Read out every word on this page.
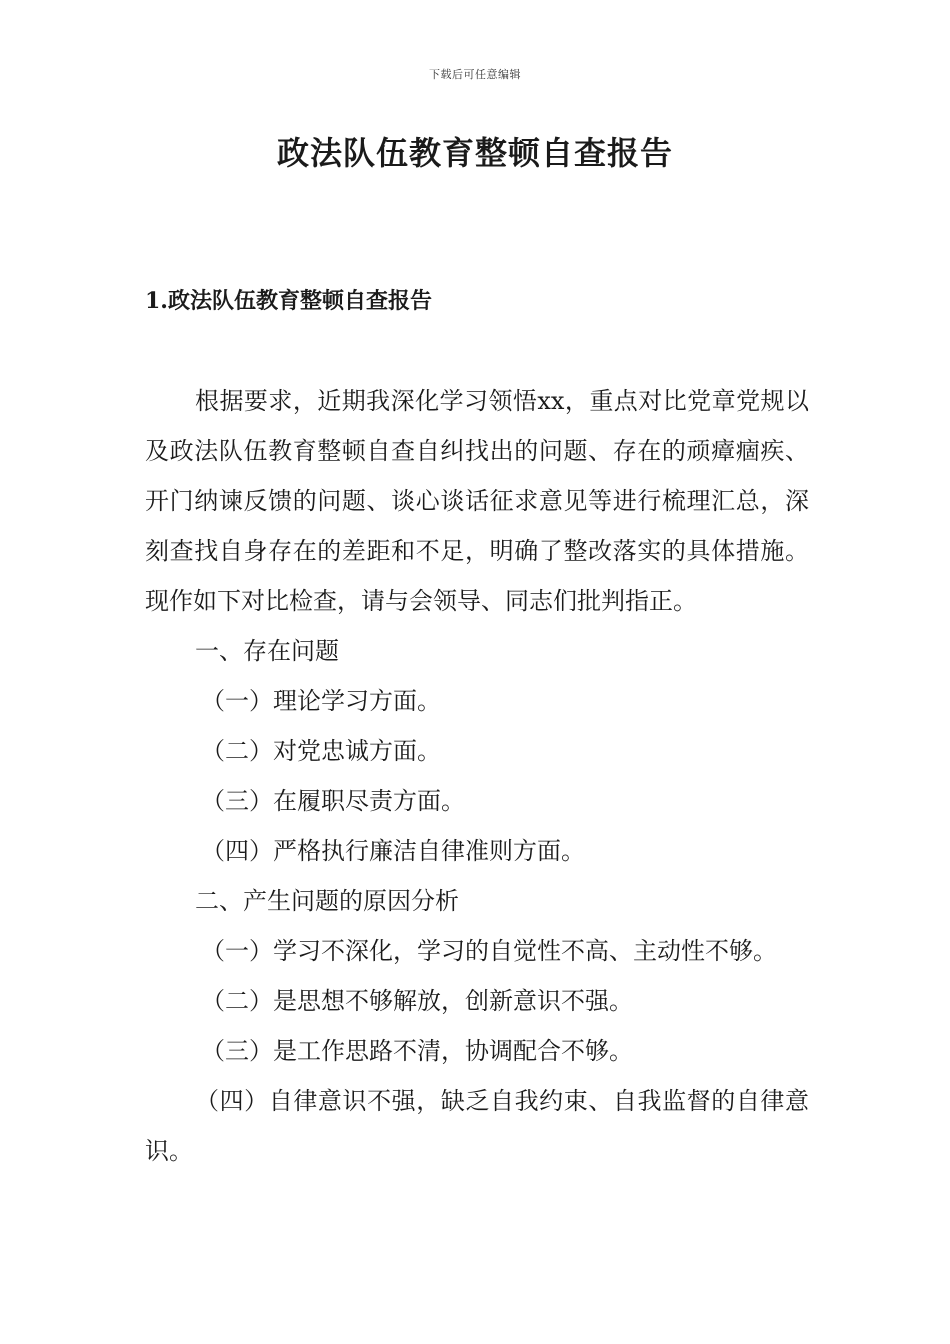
下载后可任意编辑
政法队伍教育整顿自查报告
1.政法队伍教育整顿自查报告

根据要求，近期我深化学习领悟xx，重点对比党章党规以及政法队伍教育整顿自查自纠找出的问题、存在的顽瘴痼疾、开门纳谏反馈的问题、谈心谈话征求意见等进行梳理汇总，深刻查找自身存在的差距和不足，明确了整改落实的具体措施。现作如下对比检查，请与会领导、同志们批判指正。

一、存在问题

（一）理论学习方面。

（二）对党忠诚方面。

（三）在履职尽责方面。

（四）严格执行廉洁自律准则方面。

二、产生问题的原因分析

（一）学习不深化，学习的自觉性不高、主动性不够。

（二）是思想不够解放，创新意识不强。

（三）是工作思路不清，协调配合不够。

（四）自律意识不强，缺乏自我约束、自我监督的自律意识。
